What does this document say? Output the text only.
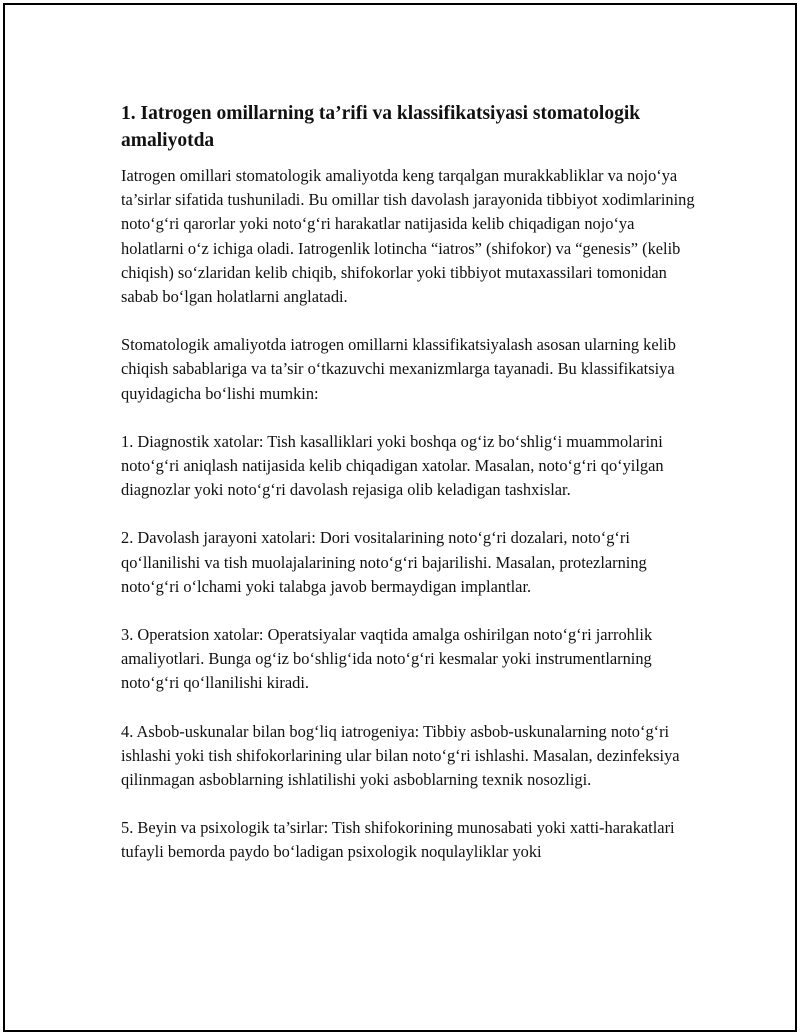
1. Iatrogen omillarning ta’rifi va klassifikatsiyasi stomatologik amaliyotda

Iatrogen omillari stomatologik amaliyotda keng tarqalgan murakkabliklar va nojo‘ya ta’sirlar sifatida tushuniladi. Bu omillar tish davolash jarayonida tibbiyot xodimlarining noto‘g‘ri qarorlar yoki noto‘g‘ri harakatlar natijasida kelib chiqadigan nojo‘ya holatlarni o‘z ichiga oladi. Iatrogenlik lotincha “iatros” (shifokor) va “genesis” (kelib chiqish) so‘zlaridan kelib chiqib, shifokorlar yoki tibbiyot mutaxassilari tomonidan sabab bo‘lgan holatlarni anglatadi.

Stomatologik amaliyotda iatrogen omillarni klassifikatsiyalash asosan ularning kelib chiqish sabablariga va ta’sir o‘tkazuvchi mexanizmlarga tayanadi. Bu klassifikatsiya quyidagicha bo‘lishi mumkin:

1. Diagnostik xatolar: Tish kasalliklari yoki boshqa og‘iz bo‘shlig‘i muammolarini noto‘g‘ri aniqlash natijasida kelib chiqadigan xatolar. Masalan, noto‘g‘ri qo‘yilgan diagnozlar yoki noto‘g‘ri davolash rejasiga olib keladigan tashxislar.

2. Davolash jarayoni xatolari: Dori vositalarining noto‘g‘ri dozalari, noto‘g‘ri qo‘llanilishi va tish muolajalarining noto‘g‘ri bajarilishi. Masalan, protezlarning noto‘g‘ri o‘lchami yoki talabga javob bermaydigan implantlar.

3. Operatsion xatolar: Operatsiyalar vaqtida amalga oshirilgan noto‘g‘ri jarrohlik amaliyotlari. Bunga og‘iz bo‘shlig‘ida noto‘g‘ri kesmalar yoki instrumentlarning noto‘g‘ri qo‘llanilishi kiradi.

4. Asbob-uskunalar bilan bog‘liq iatrogeniya: Tibbiy asbob-uskunalarning noto‘g‘ri ishlashi yoki tish shifokorlarining ular bilan noto‘g‘ri ishlashi. Masalan, dezinfeksiya qilinmagan asboblarning ishlatilishi yoki asboblarning texnik nosozligi.

5. Beyin va psixologik ta’sirlar: Tish shifokorining munosabati yoki xatti-harakatlari tufayli bemorda paydo bo‘ladigan psixologik noqulayliklar yoki
